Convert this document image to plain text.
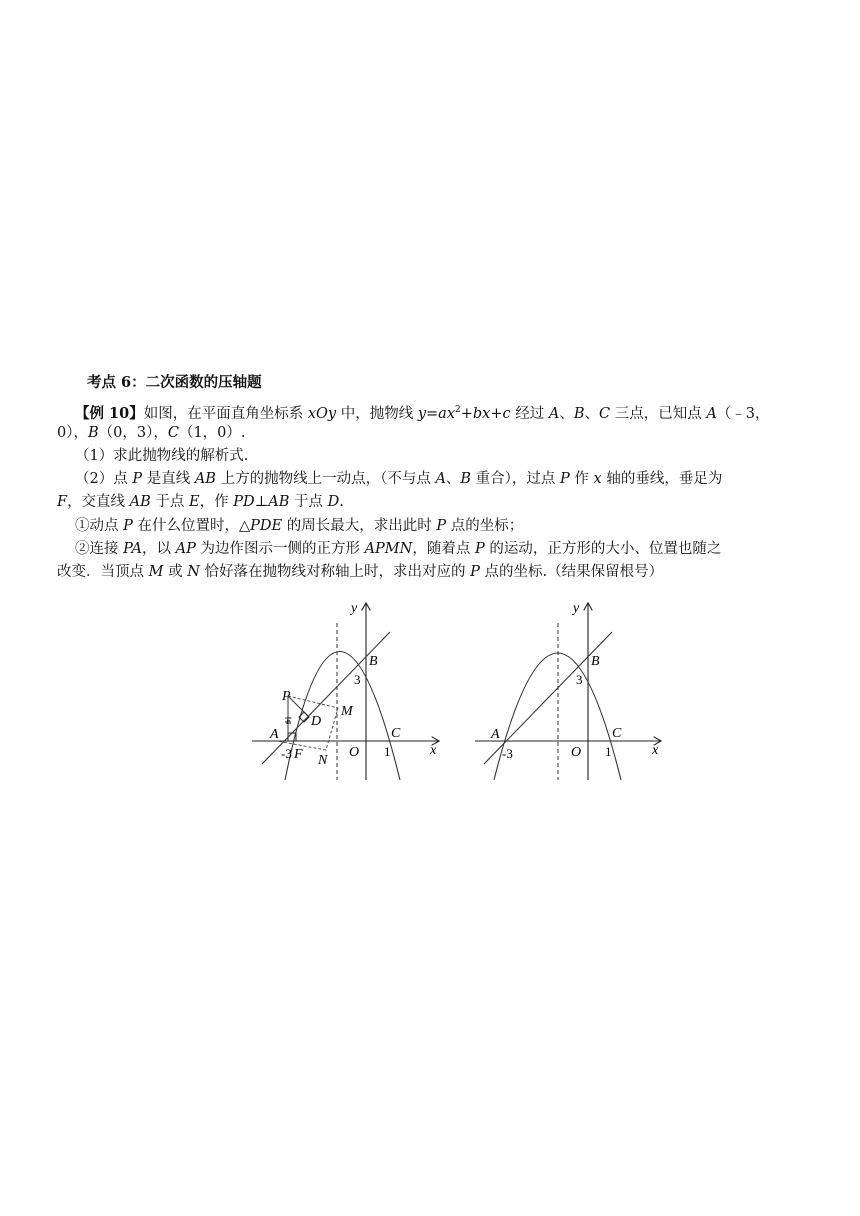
考点 6：二次函数的压轴题
【例 10】如图，在平面直角坐标系 xOy 中，抛物线 $y=ax^2+bx+c$ 经过 A、B、C 三点，已知点 A（﹣3，
0），B（0，3），C（1，0）.
（1）求此抛物线的解析式.
（2）点 P 是直线 AB 上方的抛物线上一动点，（不与点 A、B 重合），过点 P 作 x 轴的垂线，垂足为
F，交直线 AB 于点 E，作 PD⊥AB 于点 D.
①动点 P 在什么位置时，△PDE 的周长最大，求出此时 P 点的坐标；
②连接 PA，以 AP 为边作图示一侧的正方形 APMN，随着点 P 的运动，正方形的大小、位置也随之
改变．当顶点 M 或 N 恰好落在抛物线对称轴上时，求出对应的 P 点的坐标.（结果保留根号）
y
x
B
3
P
D
M
E
A	C
-3 F	O 1
N
y
x
B
3
A	C
-3	O 1
